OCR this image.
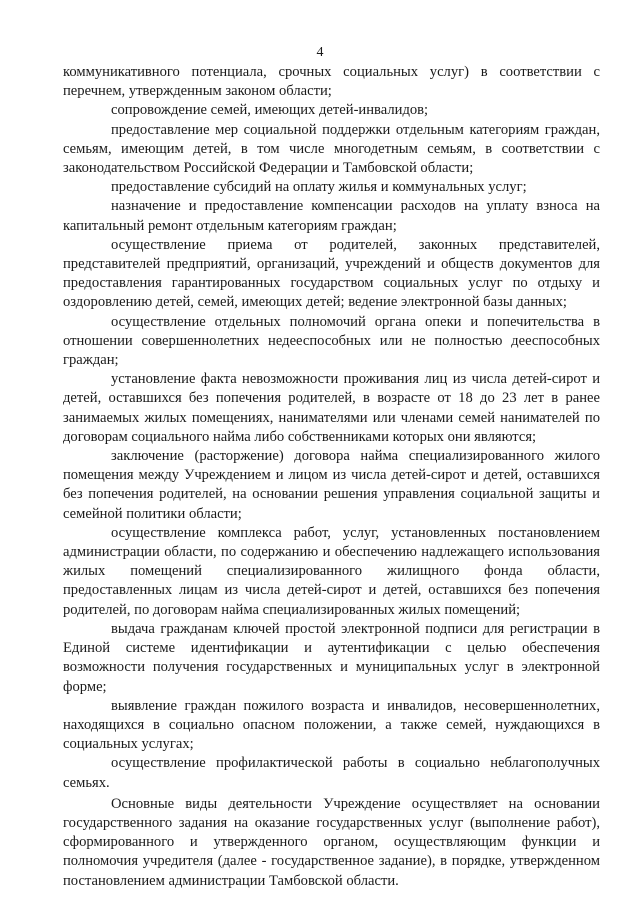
4

коммуникативного потенциала, срочных социальных услуг) в соответствии с перечнем, утвержденным законом области;

сопровождение семей, имеющих детей-инвалидов;

предоставление мер социальной поддержки отдельным категориям граждан, семьям, имеющим детей, в том числе многодетным семьям, в соответствии с законодательством Российской Федерации и Тамбовской области;

предоставление субсидий на оплату жилья и коммунальных услуг;

назначение и предоставление компенсации расходов на уплату взноса на капитальный ремонт отдельным категориям граждан;

осуществление приема от родителей, законных представителей, представителей предприятий, организаций, учреждений и обществ документов для предоставления гарантированных государством социальных услуг по отдыху и оздоровлению детей, семей, имеющих детей; ведение электронной базы данных;

осуществление отдельных полномочий органа опеки и попечительства в отношении совершеннолетних недееспособных или не полностью дееспособных граждан;

установление факта невозможности проживания лиц из числа детей-сирот и детей, оставшихся без попечения родителей, в возрасте от 18 до 23 лет в ранее занимаемых жилых помещениях, нанимателями или членами семей нанимателей по договорам социального найма либо собственниками которых они являются;

заключение (расторжение) договора найма специализированного жилого помещения между Учреждением и лицом из числа детей-сирот и детей, оставшихся без попечения родителей, на основании решения управления социальной защиты и семейной политики области;

осуществление комплекса работ, услуг, установленных постановлением администрации области, по содержанию и обеспечению надлежащего использования жилых помещений специализированного жилищного фонда области, предоставленных лицам из числа детей-сирот и детей, оставшихся без попечения родителей, по договорам найма специализированных жилых помещений;

выдача гражданам ключей простой электронной подписи для регистрации в Единой системе идентификации и аутентификации с целью обеспечения возможности получения государственных и муниципальных услуг в электронной форме;

выявление граждан пожилого возраста и инвалидов, несовершеннолетних, находящихся в социально опасном положении, а также семей, нуждающихся в социальных услугах;

осуществление профилактической работы в социально неблагополучных семьях.

Основные виды деятельности Учреждение осуществляет на основании государственного задания на оказание государственных услуг (выполнение работ), сформированного и утвержденного органом, осуществляющим функции и полномочия учредителя (далее - государственное задание), в порядке, утвержденном постановлением администрации Тамбовской области.
